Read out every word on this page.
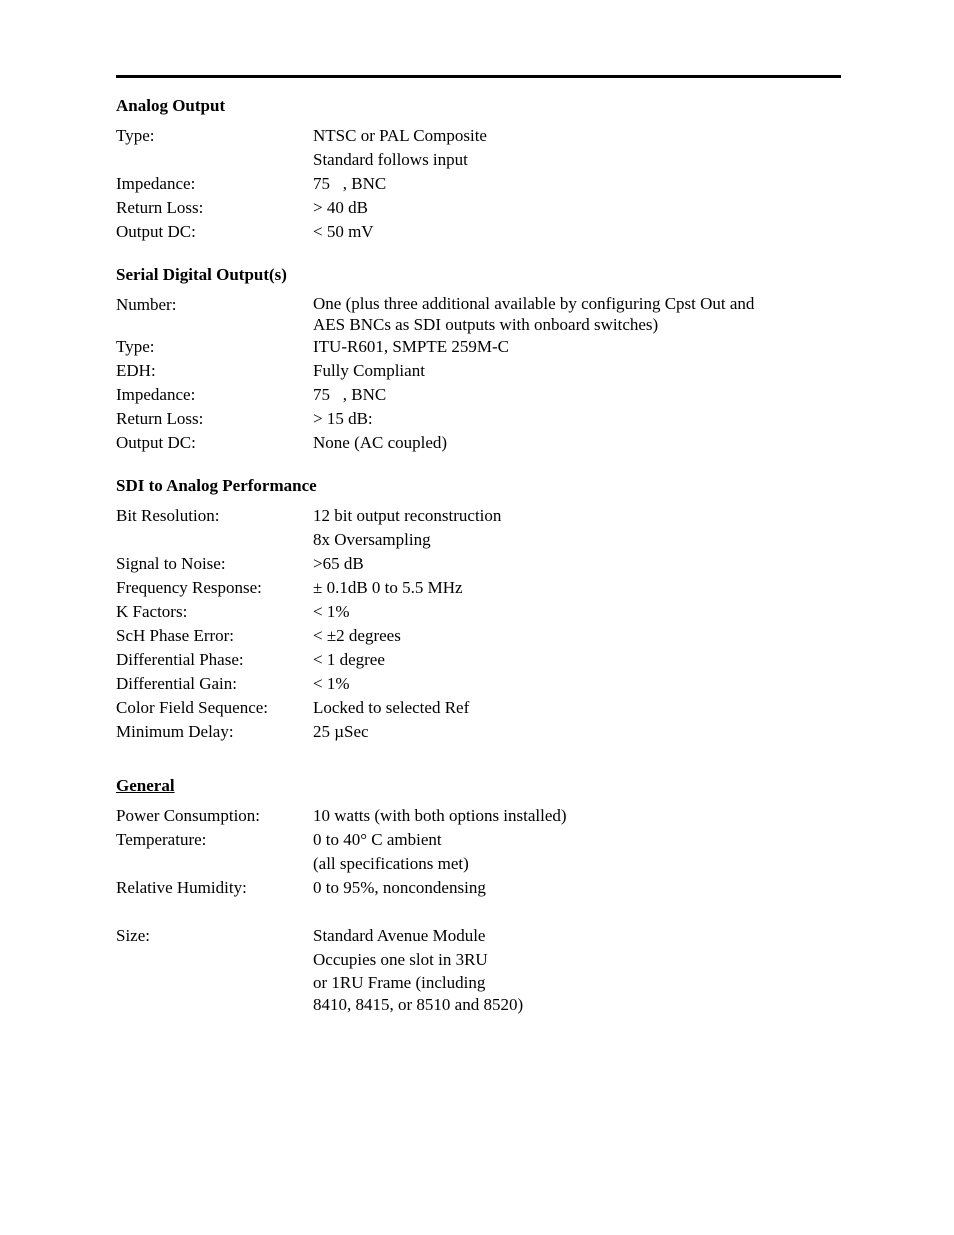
Analog Output
Type:	NTSC or PAL Composite
Standard follows input
Impedance:	75   , BNC
Return Loss:	> 40 dB
Output DC:	< 50 mV
Serial Digital Output(s)
Number:	One (plus three additional available by configuring Cpst Out and
AES BNCs as SDI outputs with onboard switches)
Type:	ITU-R601, SMPTE 259M-C
EDH:	Fully Compliant
Impedance:	75   , BNC
Return Loss:	> 15 dB:
Output DC:	None (AC coupled)
SDI to Analog Performance
Bit Resolution:	12 bit output reconstruction
8x Oversampling
Signal to Noise:	>65 dB
Frequency Response:	± 0.1dB 0 to 5.5 MHz
K Factors:	< 1%
ScH Phase Error:	< ±2 degrees
Differential Phase:	< 1 degree
Differential Gain:	< 1%
Color Field Sequence:	Locked to selected Ref
Minimum Delay:	25 µSec
General
Power Consumption:	10 watts (with both options installed)
Temperature:	0 to 40° C ambient
(all specifications met)
Relative Humidity:	0 to 95%, noncondensing
Size:	Standard Avenue Module
Occupies one slot in 3RU
or 1RU Frame (including
8410, 8415, or 8510 and 8520)
